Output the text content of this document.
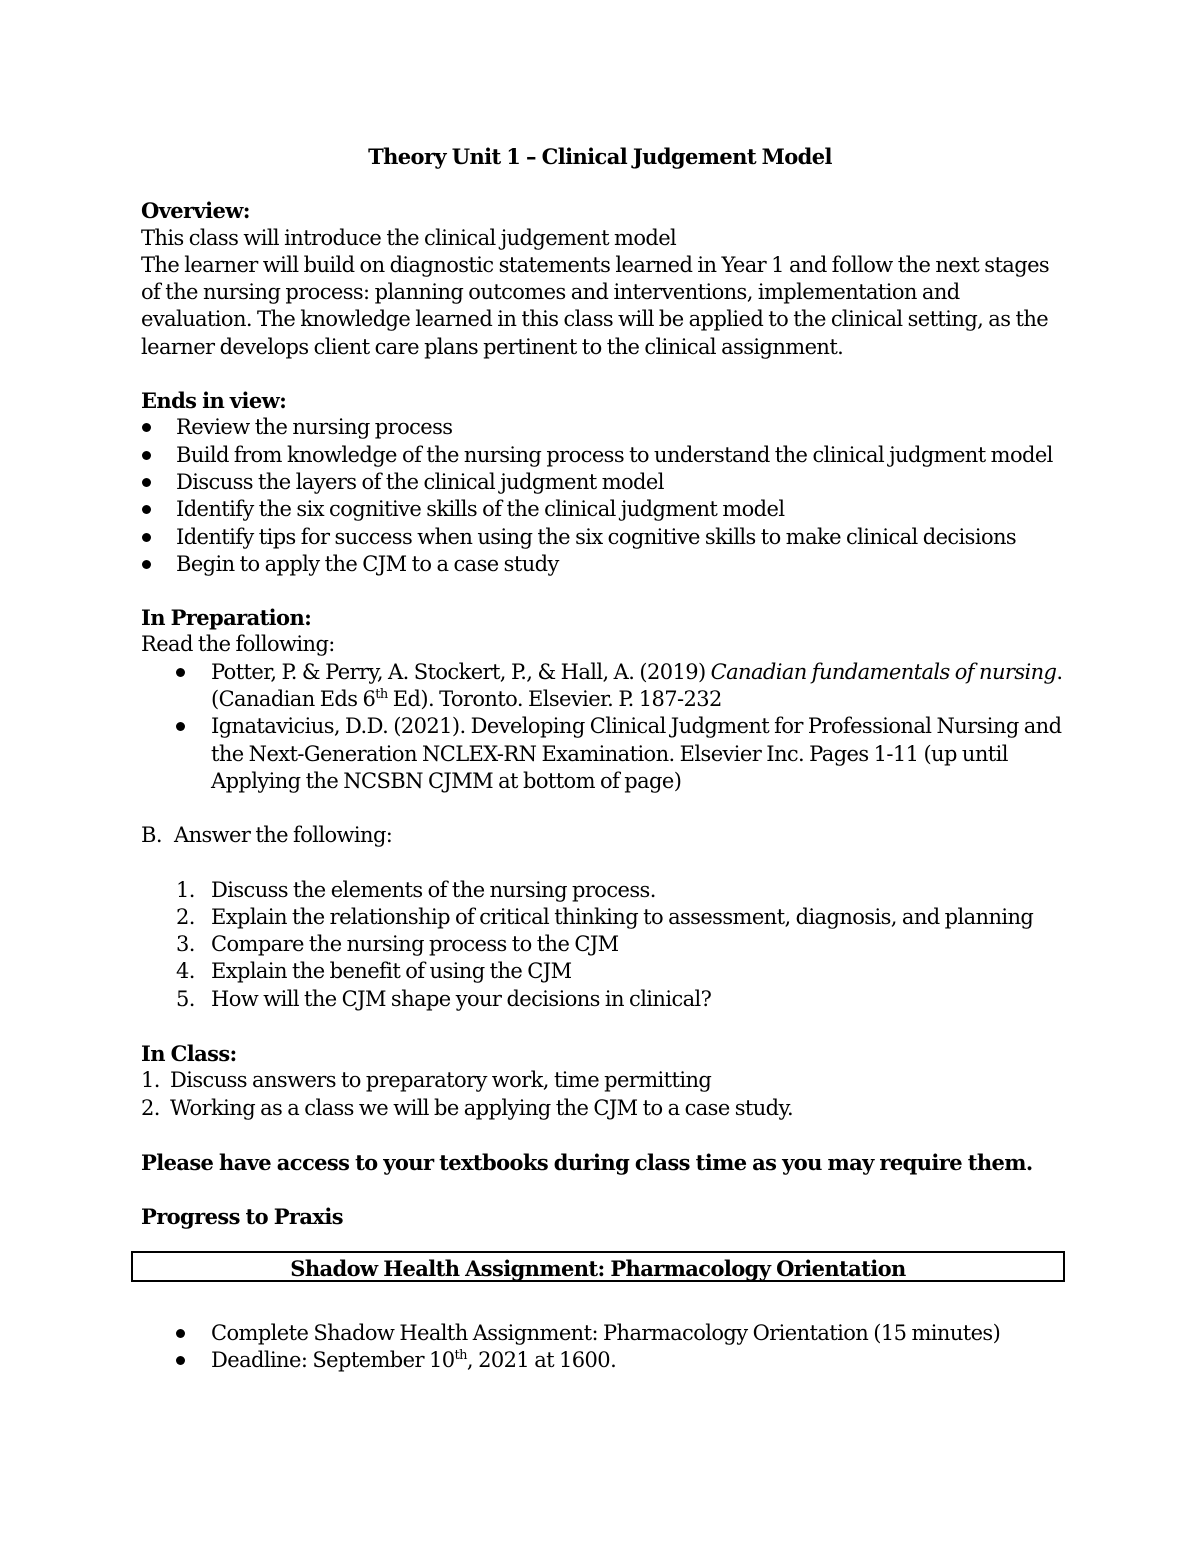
Theory Unit 1 – Clinical Judgement Model
Overview:

This class will introduce the clinical judgement model

The learner will build on diagnostic statements learned in Year 1 and follow the next stages of the nursing process: planning outcomes and interventions, implementation and evaluation. The knowledge learned in this class will be applied to the clinical setting, as the learner develops client care plans pertinent to the clinical assignment.

Ends in view:
Review the nursing process
Build from knowledge of the nursing process to understand the clinical judgment model
Discuss the layers of the clinical judgment model
Identify the six cognitive skills of the clinical judgment model
Identify tips for success when using the six cognitive skills to make clinical decisions
Begin to apply the CJM to a case study
In Preparation:

Read the following:

Potter, P. & Perry, A. Stockert, P., & Hall, A. (2019) Canadian fundamentals of nursing. (Canadian Eds 6th Ed). Toronto. Elsevier. P. 187-232
Ignatavicius, D.D. (2021). Developing Clinical Judgment for Professional Nursing and the Next-Generation NCLEX-RN Examination. Elsevier Inc. Pages 1-11 (up until Applying the NCSBN CJMM at bottom of page)
B. Answer the following:
1. Discuss the elements of the nursing process.
2. Explain the relationship of critical thinking to assessment, diagnosis, and planning
3. Compare the nursing process to the CJM
4. Explain the benefit of using the CJM
5. How will the CJM shape your decisions in clinical?
In Class:
1. Discuss answers to preparatory work, time permitting
2. Working as a class we will be applying the CJM to a case study.
Please have access to your textbooks during class time as you may require them.
Progress to Praxis
Shadow Health Assignment: Pharmacology Orientation
Complete Shadow Health Assignment: Pharmacology Orientation (15 minutes)
Deadline: September 10th, 2021 at 1600.
